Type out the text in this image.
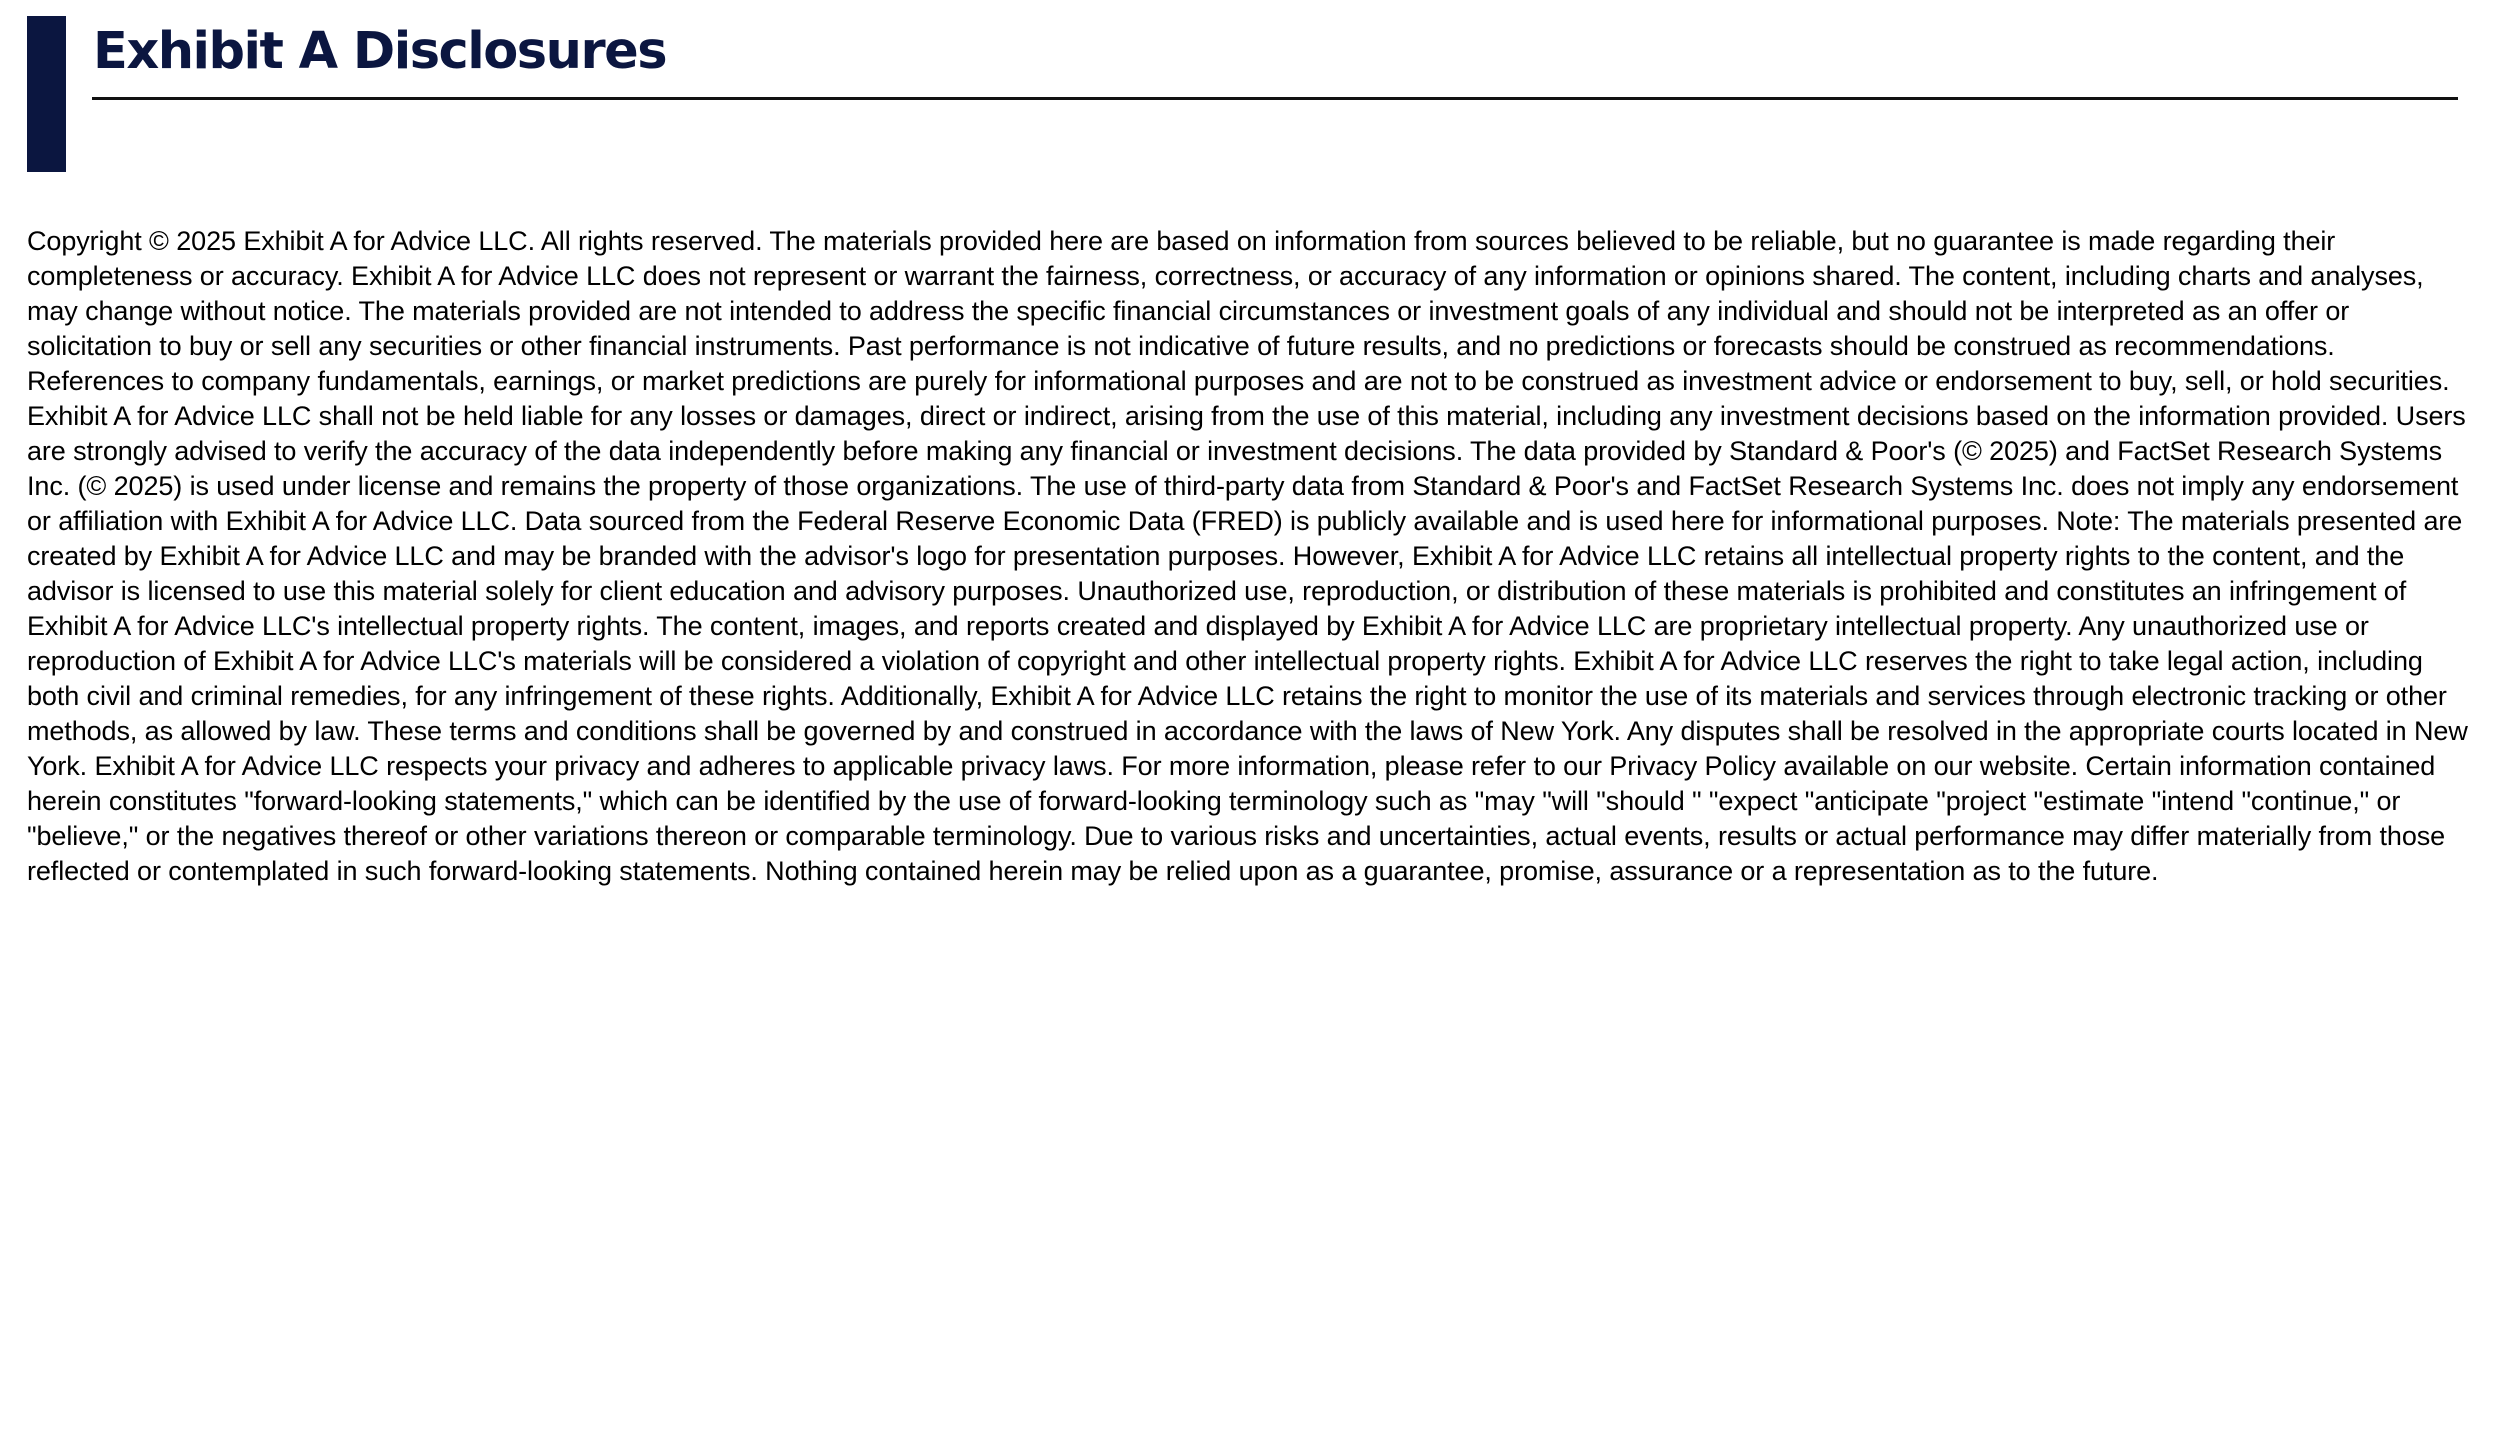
Exhibit A Disclosures

Copyright © 2025 Exhibit A for Advice LLC. All rights reserved. The materials provided here are based on information from sources believed to be reliable, but no guarantee is made regarding their completeness or accuracy. Exhibit A for Advice LLC does not represent or warrant the fairness, correctness, or accuracy of any information or opinions shared. The content, including charts and analyses, may change without notice. The materials provided are not intended to address the specific financial circumstances or investment goals of any individual and should not be interpreted as an offer or solicitation to buy or sell any securities or other financial instruments. Past performance is not indicative of future results, and no predictions or forecasts should be construed as recommendations. References to company fundamentals, earnings, or market predictions are purely for informational purposes and are not to be construed as investment advice or endorsement to buy, sell, or hold securities. Exhibit A for Advice LLC shall not be held liable for any losses or damages, direct or indirect, arising from the use of this material, including any investment decisions based on the information provided. Users are strongly advised to verify the accuracy of the data independently before making any financial or investment decisions. The data provided by Standard & Poor's (© 2025) and FactSet Research Systems Inc. (© 2025) is used under license and remains the property of those organizations. The use of third-party data from Standard & Poor's and FactSet Research Systems Inc. does not imply any endorsement or affiliation with Exhibit A for Advice LLC. Data sourced from the Federal Reserve Economic Data (FRED) is publicly available and is used here for informational purposes. Note: The materials presented are created by Exhibit A for Advice LLC and may be branded with the advisor's logo for presentation purposes. However, Exhibit A for Advice LLC retains all intellectual property rights to the content, and the advisor is licensed to use this material solely for client education and advisory purposes. Unauthorized use, reproduction, or distribution of these materials is prohibited and constitutes an infringement of Exhibit A for Advice LLC's intellectual property rights. The content, images, and reports created and displayed by Exhibit A for Advice LLC are proprietary intellectual property. Any unauthorized use or reproduction of Exhibit A for Advice LLC's materials will be considered a violation of copyright and other intellectual property rights. Exhibit A for Advice LLC reserves the right to take legal action, including both civil and criminal remedies, for any infringement of these rights. Additionally, Exhibit A for Advice LLC retains the right to monitor the use of its materials and services through electronic tracking or other methods, as allowed by law. These terms and conditions shall be governed by and construed in accordance with the laws of New York. Any disputes shall be resolved in the appropriate courts located in New York. Exhibit A for Advice LLC respects your privacy and adheres to applicable privacy laws. For more information, please refer to our Privacy Policy available on our website. Certain information contained herein constitutes "forward-looking statements," which can be identified by the use of forward-looking terminology such as "may "will "should " "expect "anticipate "project "estimate "intend "continue," or "believe," or the negatives thereof or other variations thereon or comparable terminology. Due to various risks and uncertainties, actual events, results or actual performance may differ materially from those reflected or contemplated in such forward-looking statements. Nothing contained herein may be relied upon as a guarantee, promise, assurance or a representation as to the future.
